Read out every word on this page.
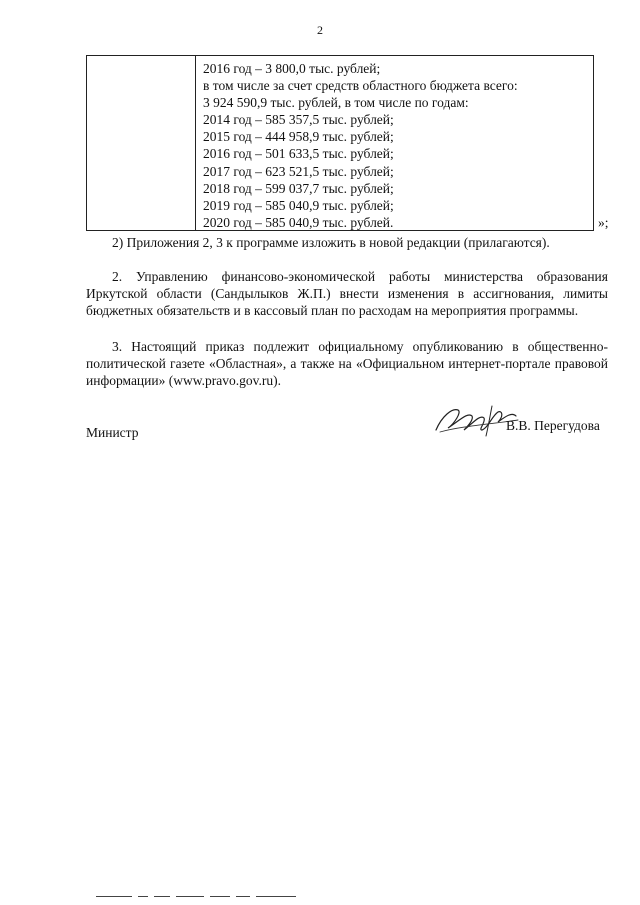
2
2016 год – 3 800,0 тыс. рублей;
в том числе за счет средств областного бюджета всего:
3 924 590,9 тыс. рублей, в том числе по годам:
2014 год – 585 357,5 тыс. рублей;
2015 год – 444 958,9 тыс. рублей;
2016 год – 501 633,5 тыс. рублей;
2017 год – 623 521,5 тыс. рублей;
2018 год – 599 037,7 тыс. рублей;
2019 год – 585 040,9 тыс. рублей;
2020 год – 585 040,9 тыс. рублей.	»;

2) Приложения 2, 3 к программе изложить в новой редакции (прилагаются).

2. Управлению финансово-экономической работы министерства образования Иркутской области (Сандылыков Ж.П.) внести изменения в ассигнования, лимиты бюджетных обязательств и в кассовый план по расходам на мероприятия программы.

3. Настоящий приказ подлежит официальному опубликованию в общественно-политической газете «Областная», а также на «Официальном интернет-портале правовой информации» (www.pravo.gov.ru).

Министр	В.В. Перегудова
